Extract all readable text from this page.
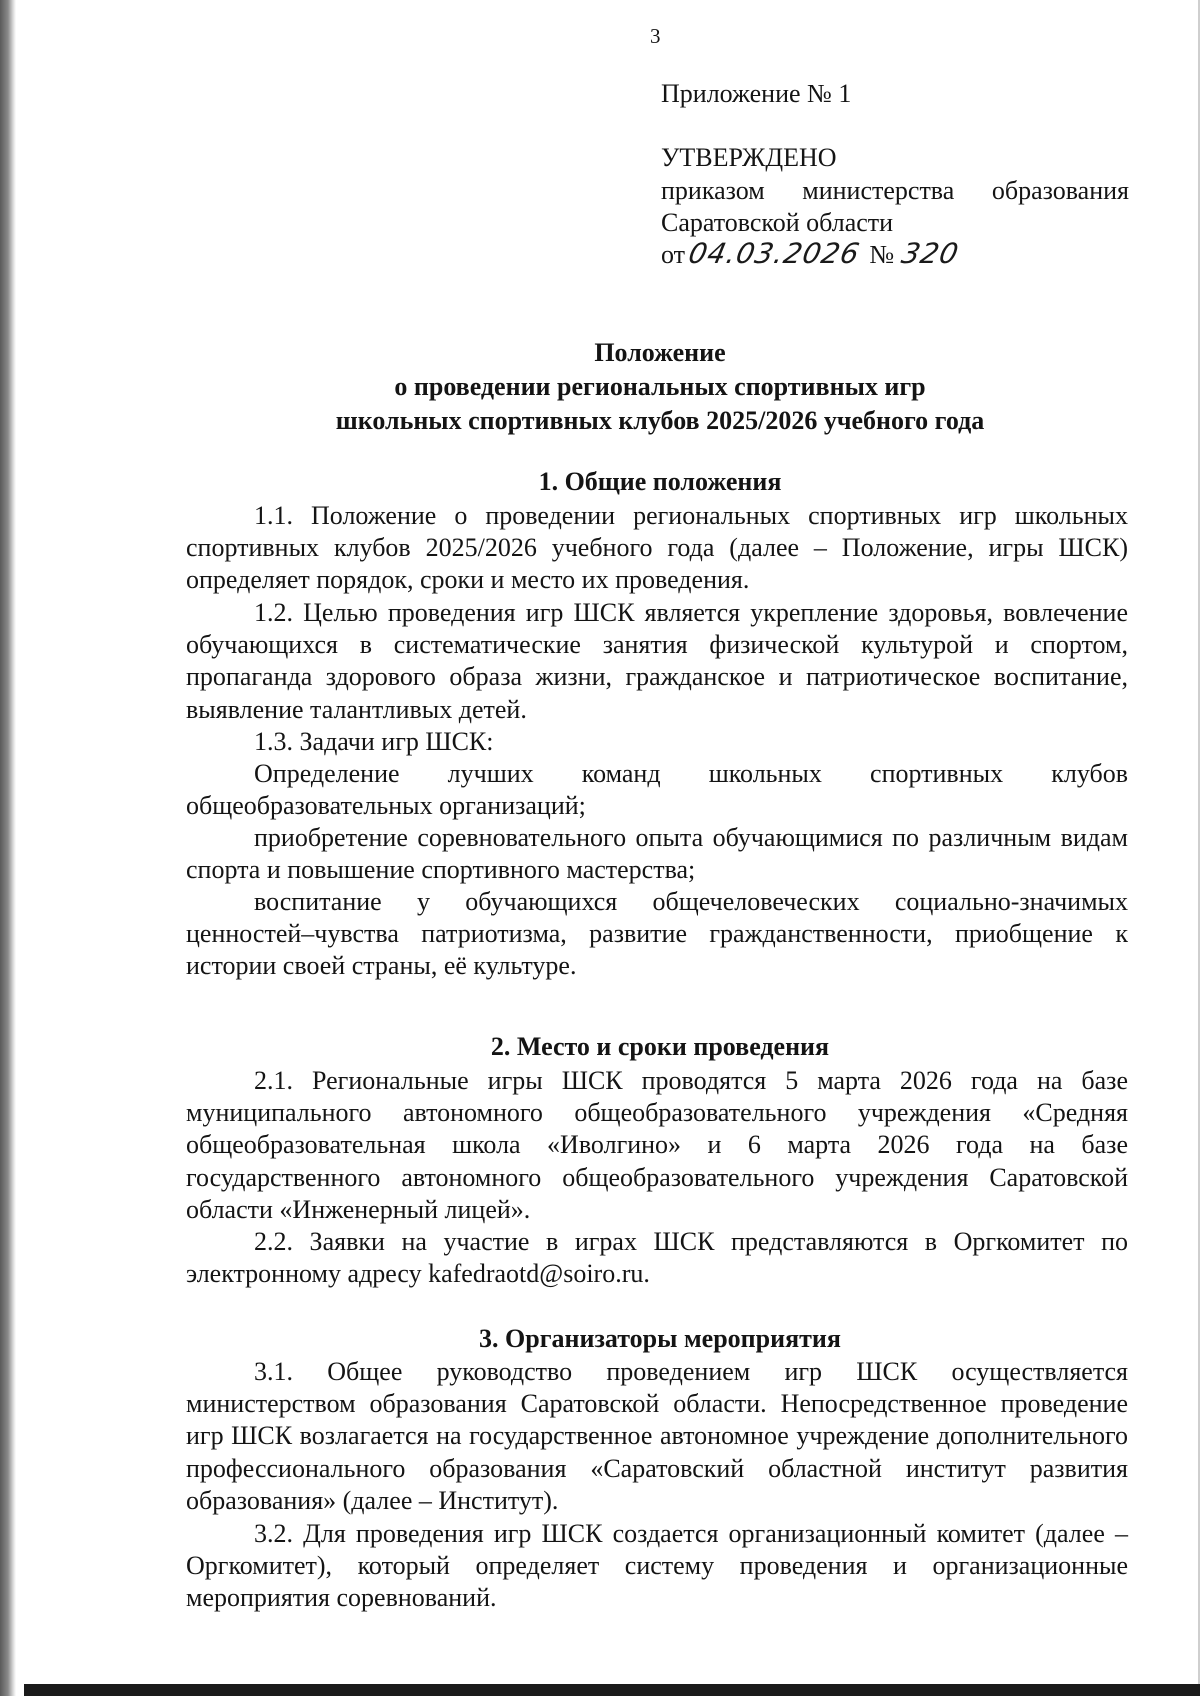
3
Приложение № 1
УТВЕРЖДЕНО
приказом министерства образования
Саратовской области
от 04.03.2026 № 320
Положение
о проведении региональных спортивных игр
школьных спортивных клубов 2025/2026 учебного года
1. Общие положения

1.1. Положение о проведении региональных спортивных игр школьных спортивных клубов 2025/2026 учебного года (далее – Положение, игры ШСК) определяет порядок, сроки и место их проведения.

1.2. Целью проведения игр ШСК является укрепление здоровья, вовлечение обучающихся в систематические занятия физической культурой и спортом, пропаганда здорового образа жизни, гражданское и патриотическое воспитание, выявление талантливых детей.

1.3. Задачи игр ШСК:

Определение лучших команд школьных спортивных клубов общеобразовательных организаций;

приобретение соревновательного опыта обучающимися по различным видам спорта и повышение спортивного мастерства;

воспитание у обучающихся общечеловеческих социально-значимых ценностей–чувства патриотизма, развитие гражданственности, приобщение к истории своей страны, её культуре.

2. Место и сроки проведения

2.1. Региональные игры ШСК проводятся 5 марта 2026 года на базе муниципального автономного общеобразовательного учреждения «Средняя общеобразовательная школа «Иволгино» и 6 марта 2026 года на базе государственного автономного общеобразовательного учреждения Саратовской области «Инженерный лицей».

2.2. Заявки на участие в играх ШСК представляются в Оргкомитет по электронному адресу kafedraotd@soiro.ru.

3. Организаторы мероприятия

3.1. Общее руководство проведением игр ШСК осуществляется министерством образования Саратовской области. Непосредственное проведение игр ШСК возлагается на государственное автономное учреждение дополнительного профессионального образования «Саратовский областной институт развития образования» (далее – Институт).

3.2. Для проведения игр ШСК создается организационный комитет (далее – Оргкомитет), который определяет систему проведения и организационные мероприятия соревнований.
